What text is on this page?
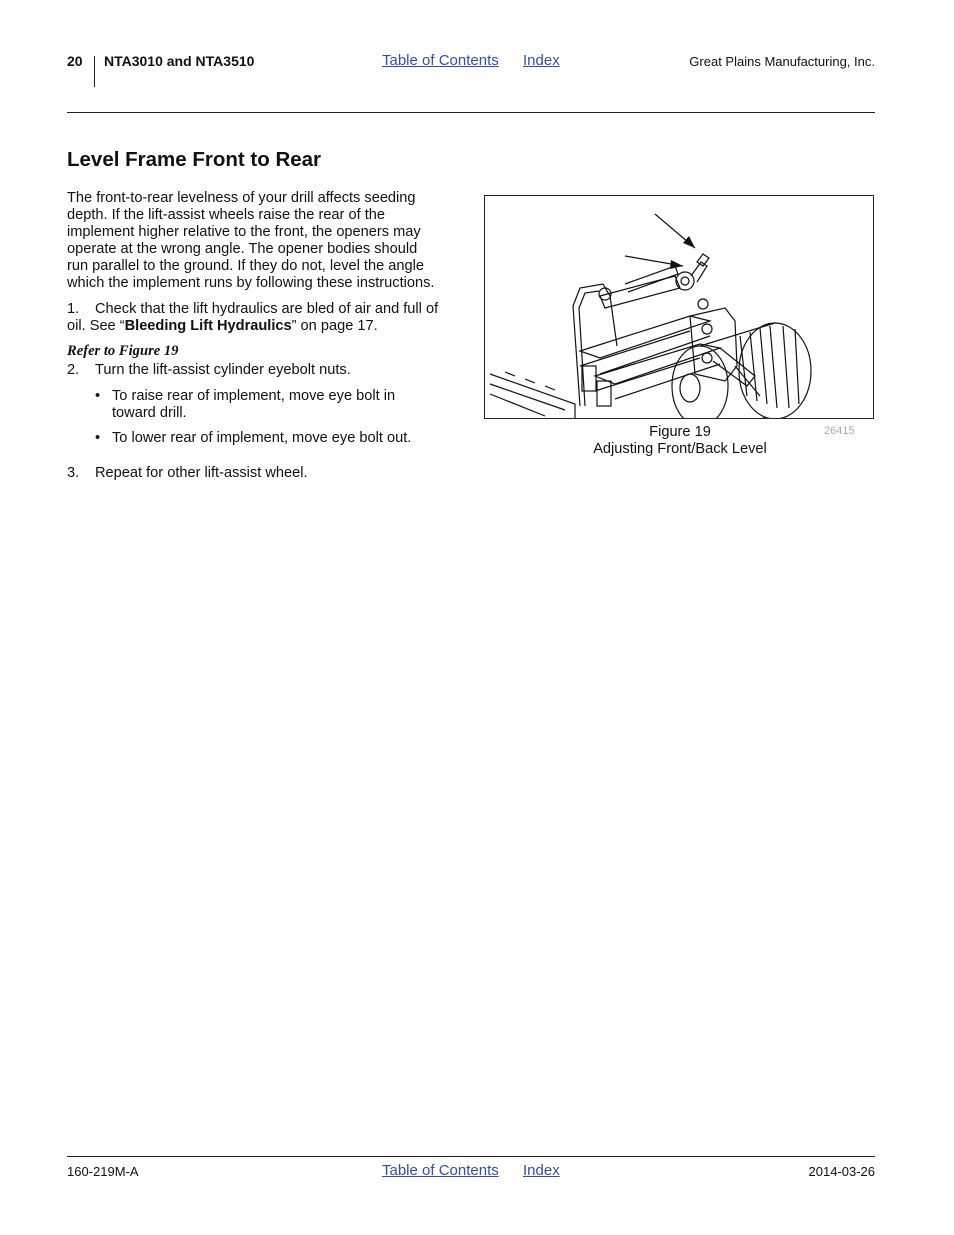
20 NTA3010 and NTA3510	Table of Contents Index	Great Plains Manufacturing, Inc.
Level Frame Front to Rear
The front-to-rear levelness of your drill affects seeding
depth. If the lift-assist wheels raise the rear of the
implement higher relative to the front, the openers may
operate at the wrong angle. The opener bodies should
run parallel to the ground. If they do not, level the angle
which the implement runs by following these instructions.
1. Check that the lift hydraulics are bled of air and full of
oil. See “Bleeding Lift Hydraulics” on page 17.
Refer to Figure 19
2. Turn the lift-assist cylinder eyebolt nuts.
• To raise rear of implement, move eye bolt in
toward drill.
• To lower rear of implement, move eye bolt out.
3. Repeat for other lift-assist wheel.
Figure 19
Adjusting Front/Back Level
26415
160-219M-A	Table of Contents Index	2014-03-26
